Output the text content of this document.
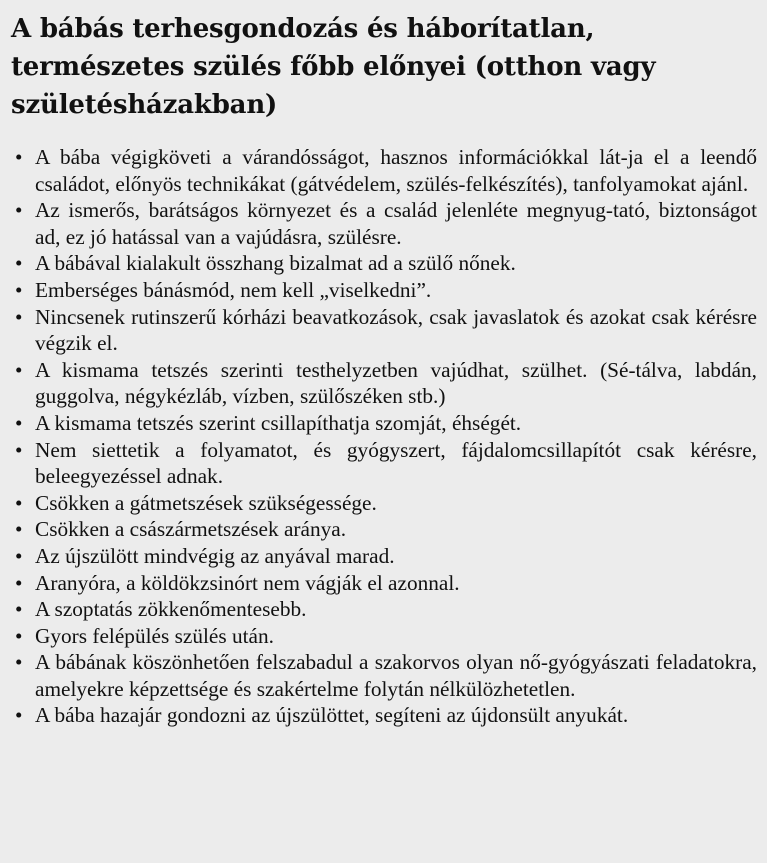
A bábás terhesgondozás és háborítatlan, természetes szülés főbb előnyei (otthon vagy születésházakban)
• A bába végigköveti a várandósságot, hasznos információkkal lát-ja el a leendő családot, előnyös technikákat (gátvédelem, szülés-felkészítés), tanfolyamokat ajánl.
• Az ismerős, barátságos környezet és a család jelenléte megnyug-tató, biztonságot ad, ez jó hatással van a vajúdásra, szülésre.
• A bábával kialakult összhang bizalmat ad a szülő nőnek.
• Emberséges bánásmód, nem kell „viselkedni”.
• Nincsenek rutinszerű kórházi beavatkozások, csak javaslatok és azokat csak kérésre végzik el.
• A kismama tetszés szerinti testhelyzetben vajúdhat, szülhet. (Sé-tálva, labdán, guggolva, négykézláb, vízben, szülőszéken stb.)
• A kismama tetszés szerint csillapíthatja szomját, éhségét.
• Nem siettetik a folyamatot, és gyógyszert, fájdalomcsillapítót csak kérésre, beleegyezéssel adnak.
• Csökken a gátmetszések szükségessége.
• Csökken a császármetszések aránya.
• Az újszülött mindvégig az anyával marad.
• Aranyóra, a köldökzsinórt nem vágják el azonnal.
• A szoptatás zökkenőmentesebb.
• Gyors felépülés szülés után.
• A bábának köszönhetően felszabadul a szakorvos olyan nő-gyógyászati feladatokra, amelyekre képzettsége és szakértelme folytán nélkülözhetetlen.
• A bába hazajár gondozni az újszülöttet, segíteni az újdonsült anyukát.
